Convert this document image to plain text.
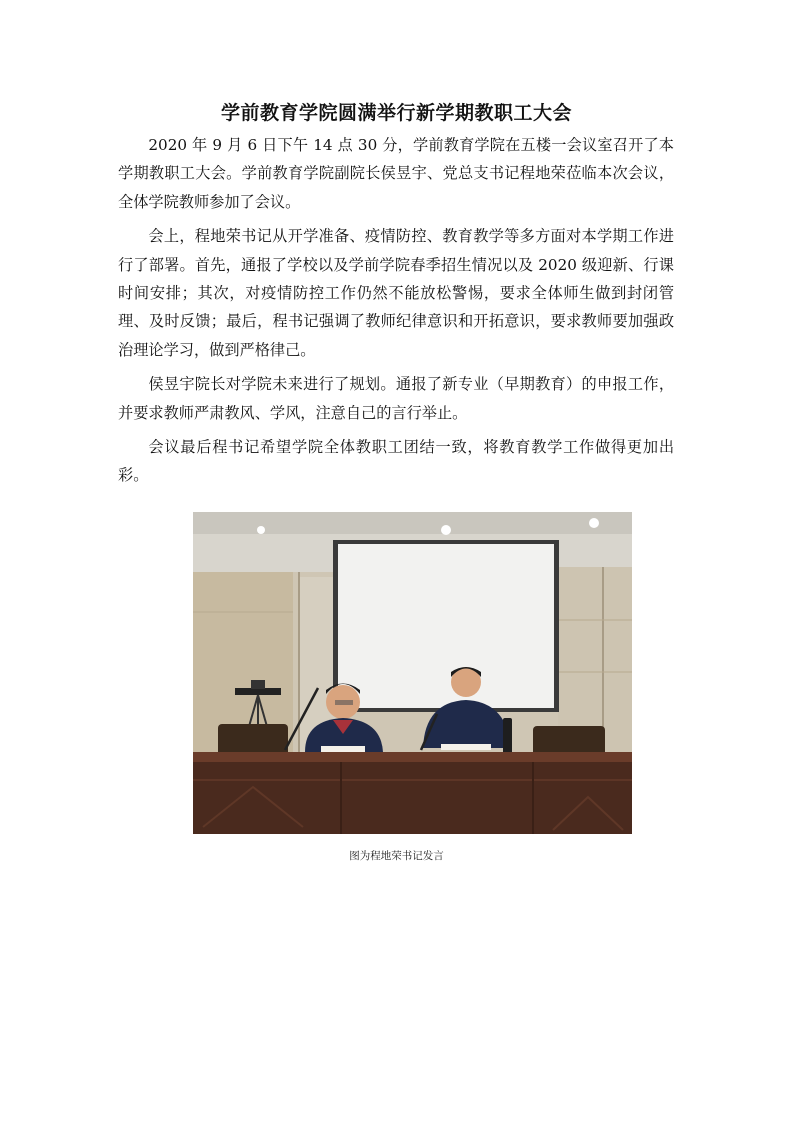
学前教育学院圆满举行新学期教职工大会

2020 年 9 月 6 日下午 14 点 30 分，学前教育学院在五楼一会议室召开了本学期教职工大会。学前教育学院副院长侯昱宇、党总支书记程地荣莅临本次会议，全体学院教师参加了会议。

会上，程地荣书记从开学准备、疫情防控、教育教学等多方面对本学期工作进行了部署。首先，通报了学校以及学前学院春季招生情况以及 2020 级迎新、行课时间安排；其次，对疫情防控工作仍然不能放松警惕，要求全体师生做到封闭管理、及时反馈；最后，程书记强调了教师纪律意识和开拓意识，要求教师要加强政治理论学习，做到严格律己。

侯昱宇院长对学院未来进行了规划。通报了新专业（早期教育）的申报工作，并要求教师严肃教风、学风，注意自己的言行举止。

会议最后程书记希望学院全体教职工团结一致，将教育教学工作做得更加出彩。

图为程地荣书记发言
